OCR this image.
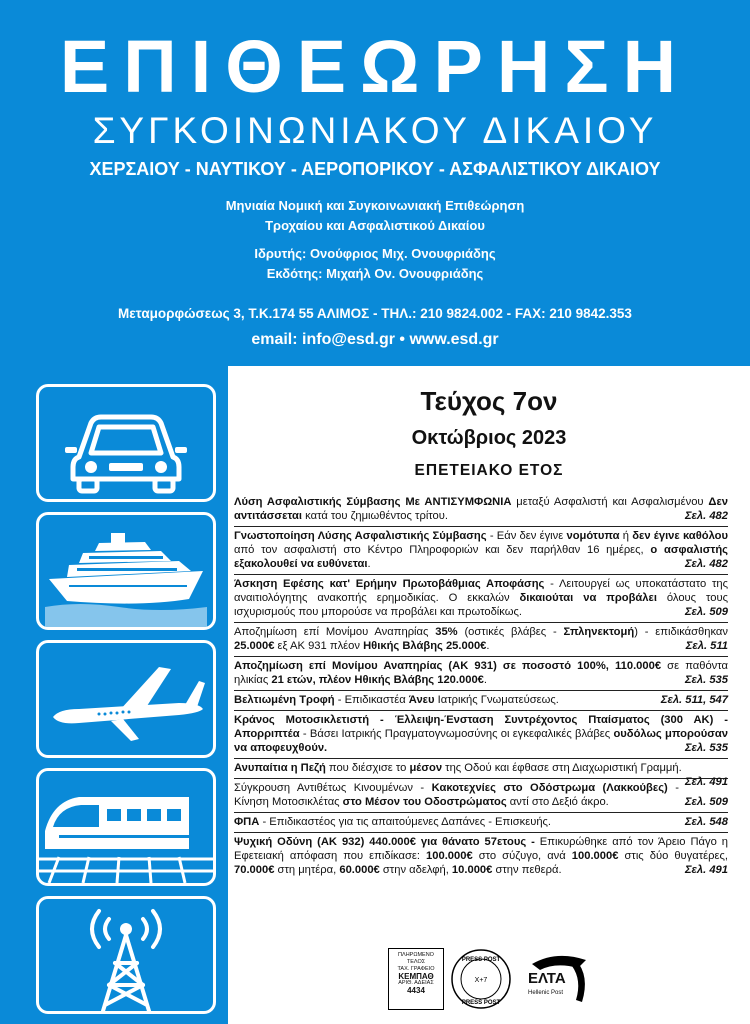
ΕΠΙΘΕΩΡΗΣΗ
ΣΥΓΚΟΙΝΩΝΙΑΚΟΥ ΔΙΚΑΙΟΥ
ΧΕΡΣΑΙΟΥ - ΝΑΥΤΙΚΟΥ - ΑΕΡΟΠΟΡΙΚΟΥ - ΑΣΦΑΛΙΣΤΙΚΟΥ ΔΙΚΑΙΟΥ
Μηνιαία Νομική και Συγκοινωνιακή Επιθεώρηση
Τροχαίου και Ασφαλιστικού Δικαίου
Ιδρυτής: Ονούφριος Μιχ. Ονουφριάδης
Εκδότης: Μιχαήλ Ον. Ονουφριάδης
Μεταμορφώσεως 3, Τ.Κ.174 55 ΑΛΙΜΟΣ - ΤΗΛ.: 210 9824.002 - FAX: 210 9842.353
email: info@esd.gr • www.esd.gr
Τεύχος 7ον
Οκτώβριος 2023
ΕΠΕΤΕΙΑΚΟ ΕΤΟΣ
Λύση Ασφαλιστικής Σύμβασης Με ΑΝΤΙΣΥΜΦΩΝΙΑ μεταξύ Ασφαλιστή και Ασφαλισμένου Δεν αντιτάσσεται κατά του ζημιωθέντος τρίτου.	Σελ. 482
Γνωστοποίηση Λύσης Ασφαλιστικής Σύμβασης - Εάν δεν έγινε νομότυπα ή δεν έγινε καθόλου από τον ασφαλιστή στο Κέντρο Πληροφοριών και δεν παρήλθαν 16 ημέρες, ο ασφαλιστής εξακολουθεί να ευθύνεται.	Σελ. 482
Άσκηση Εφέσης κατ' Ερήμην Πρωτοβάθμιας Αποφάσης - Λειτουργεί ως υποκατάστατο της αναιτιολόγητης ανακοπής ερημοδικίας. Ο εκκαλών δικαιούται να προβάλει όλους τους ισχυρισμούς που μπορούσε να προβάλει και πρωτοδίκως.	Σελ. 509
Αποζημίωση επί Μονίμου Αναπηρίας 35% (οστικές βλάβες - Σπληνεκτομή) - επιδικάσθηκαν 25.000€ εξ ΑΚ 931 πλέον Ηθικής Βλάβης 25.000€.	Σελ. 511
Αποζημίωση επί Μονίμου Αναπηρίας (ΑΚ 931) σε ποσοστό 100%, 110.000€ σε παθόντα ηλικίας 21 ετών, πλέον Ηθικής Βλάβης 120.000€.	Σελ. 535
Βελτιωμένη Τροφή - Επιδικαστέα Άνευ Ιατρικής Γνωματεύσεως.	Σελ. 511, 547
Κράνος Μοτοσικλετιστή - Έλλειψη-Ένσταση Συντρέχοντος Πταίσματος (300 ΑΚ) - Απορριπτέα - Βάσει Ιατρικής Πραγματογνωμοσύνης οι εγκεφαλικές βλάβες ουδόλως μπορούσαν να αποφευχθούν.	Σελ. 535
Ανυπαίτια η Πεζή που διέσχισε το μέσον της Οδού και έφθασε στη Διαχωριστική Γραμμή.
Σελ. 491
Σύγκρουση Αντιθέτως Κινουμένων - Κακοτεχνίες στο Οδόστρωμα (Λακκούβες) - Κίνηση Μοτοσικλέτας στο Μέσον του Οδοστρώματος αντί στο Δεξιό άκρο.	Σελ. 509
ΦΠΑ - Επιδικαστέος για τις απαιτούμενες Δαπάνες - Επισκευής.	Σελ. 548
Ψυχική Οδύνη (ΑΚ 932) 440.000€ για θάνατο 57ετους - Επικυρώθηκε από τον Άρειο Πάγο η Εφετειακή απόφαση που επιδίκασε: 100.000€ στο σύζυγο, ανά 100.000€ στις δύο θυγατέρες, 70.000€ στη μητέρα, 60.000€ στην αδελφή, 10.000€ στην πεθερά.	Σελ. 491
ΠΛΗΡΩΜΕΝΟ
ΤΕΛΟΣ
ΤΑΧ. ΓΡΑΦΕΙΟ
ΚΕΜΠΑΘ
ΑΡΙΘ. ΑΔΕΙΑΣ
4434
PRESS POST
X+7
PRESS POST
ΕΛΤΑ
Hellenic Post
